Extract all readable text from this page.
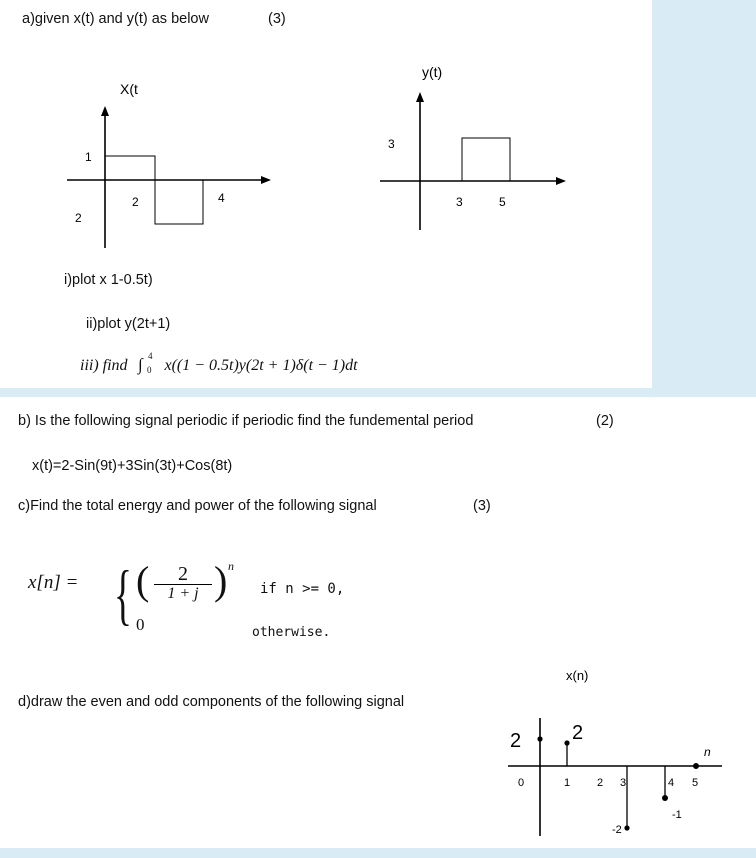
a)given x(t) and y(t) as below	(3)
X(t
1
2
2	4
y(t)
3
3	5
i)plot x 1-0.5t)
ii)plot y(2t+1)
iii) find ∫ 4
0 x((1 − 0.5t)y(2t + 1)δ(t − 1)dt
b) Is the following signal periodic if periodic find the fundemental period	(2)
x(t)=2-Sin(9t)+3Sin(3t)+Cos(8t)
c)Find the total energy and power of the following signal	(3)
x[n] = { (	2
1 + j ) n
if n >= 0,
0	otherwise.
d)draw the even and odd components of the following signal
x(n)
2	2
n
0	1 2 3	4 5
-2
-1
